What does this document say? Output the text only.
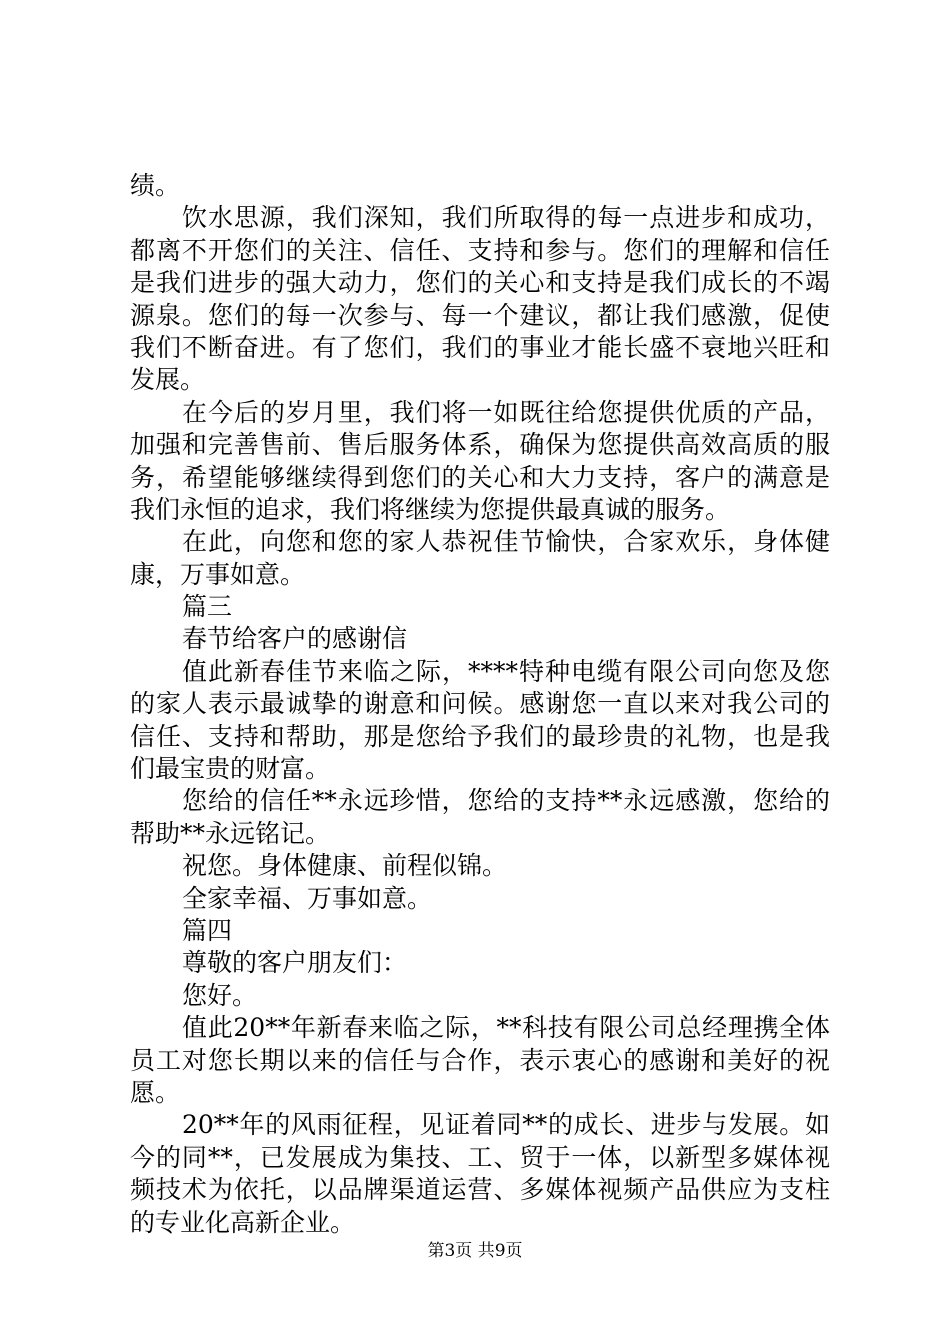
绩。
饮水思源，我们深知，我们所取得的每一点进步和成功，
都离不开您们的关注、信任、支持和参与。您们的理解和信任
是我们进步的强大动力，您们的关心和支持是我们成长的不竭
源泉。您们的每一次参与、每一个建议，都让我们感激，促使
我们不断奋进。有了您们，我们的事业才能长盛不衰地兴旺和
发展。
在今后的岁月里，我们将一如既往给您提供优质的产品，
加强和完善售前、售后服务体系，确保为您提供高效高质的服
务，希望能够继续得到您们的关心和大力支持，客户的满意是
我们永恒的追求，我们将继续为您提供最真诚的服务。
在此，向您和您的家人恭祝佳节愉快，合家欢乐，身体健
康，万事如意。
篇三
春节给客户的感谢信
值此新春佳节来临之际，****特种电缆有限公司向您及您
的家人表示最诚挚的谢意和问候。感谢您一直以来对我公司的
信任、支持和帮助，那是您给予我们的最珍贵的礼物，也是我
们最宝贵的财富。
您给的信任**永远珍惜，您给的支持**永远感激，您给的
帮助**永远铭记。
祝您。身体健康、前程似锦。
全家幸福、万事如意。
篇四
尊敬的客户朋友们：
您好。
值此20**年新春来临之际，**科技有限公司总经理携全体
员工对您长期以来的信任与合作，表示衷心的感谢和美好的祝
愿。
20**年的风雨征程，见证着同**的成长、进步与发展。如
今的同**，已发展成为集技、工、贸于一体，以新型多媒体视
频技术为依托，以品牌渠道运营、多媒体视频产品供应为支柱
的专业化高新企业。
第3页 共9页
